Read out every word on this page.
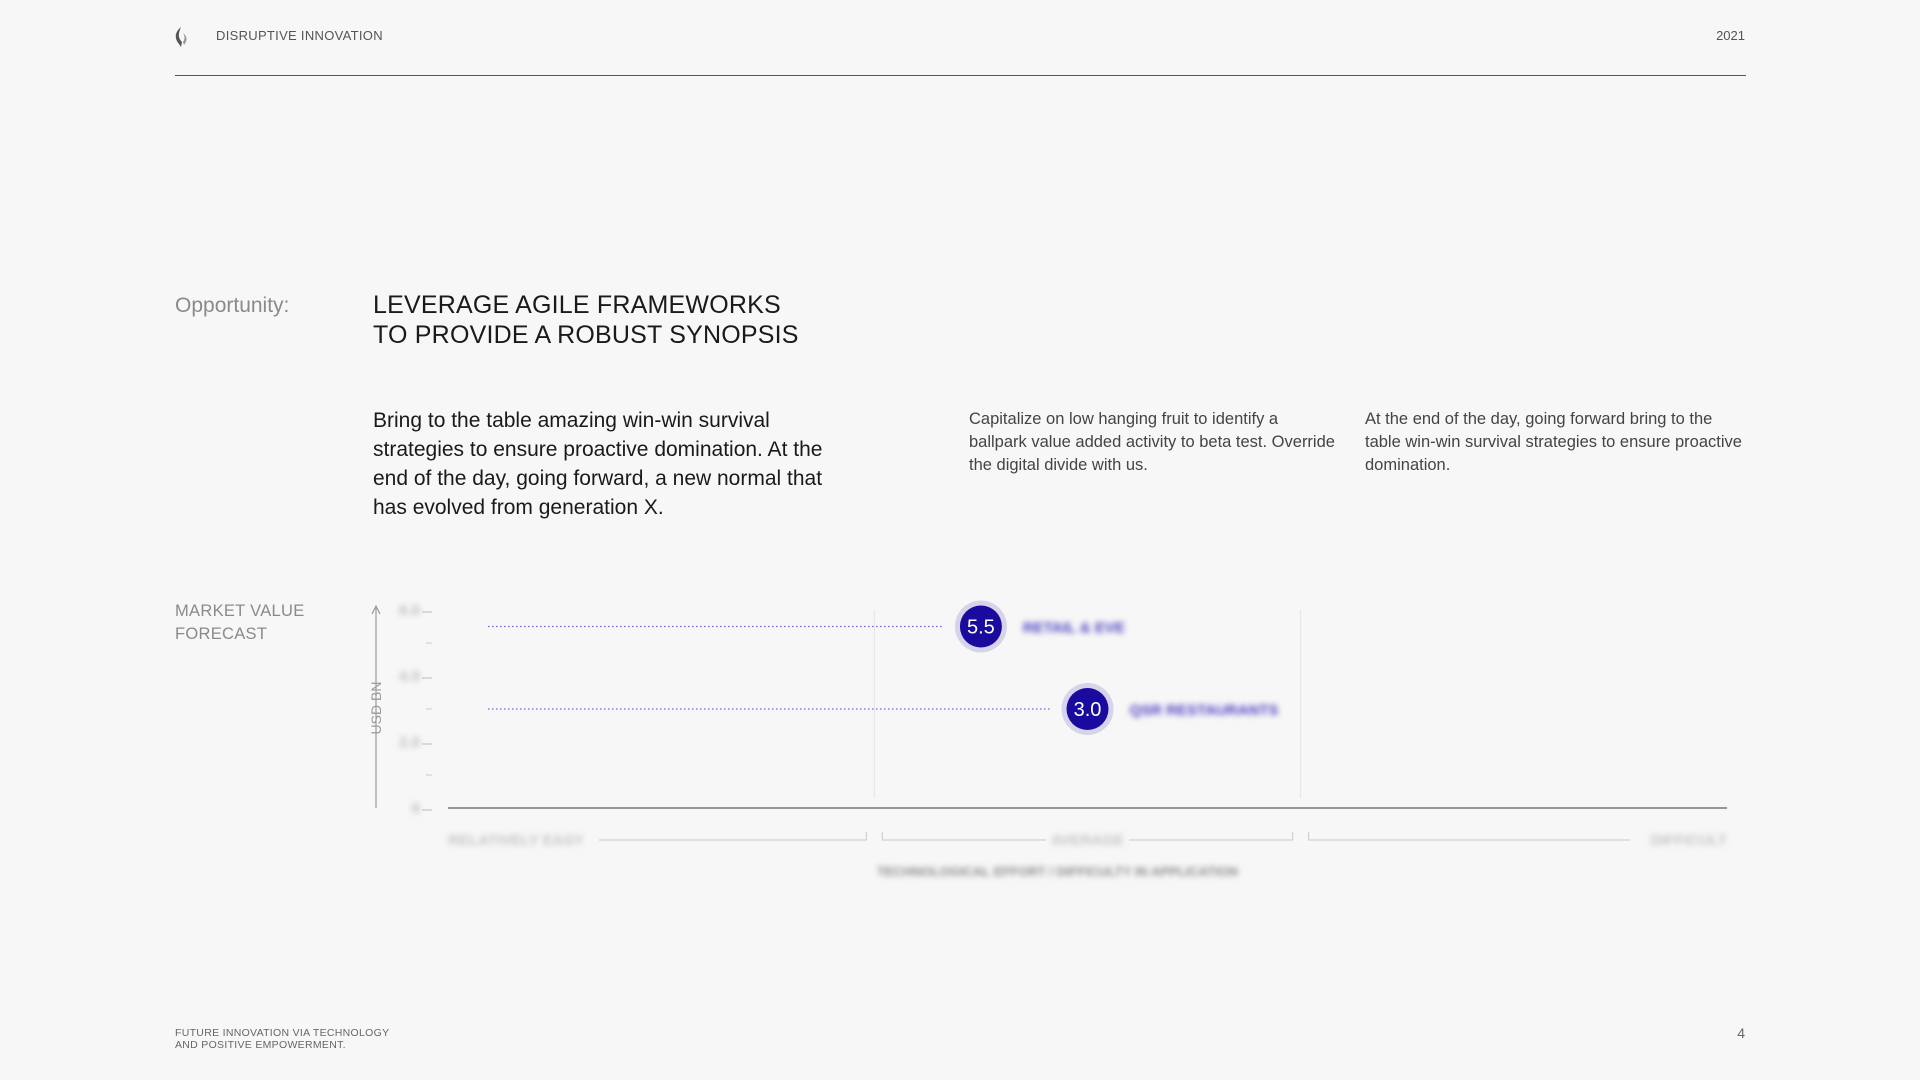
DISRUPTIVE INNOVATION	2021
Opportunity:	LEVERAGE AGILE FRAMEWORKS
TO PROVIDE A ROBUST SYNOPSIS
Bring to the table amazing win-win survival strategies to ensure proactive domination. At the end of the day, going forward, a new normal that has evolved from generation X.
Capitalize on low hanging fruit to identify a ballpark value added activity to beta test. Override the digital divide with us.
At the end of the day, going forward bring to the table win-win survival strategies to ensure proactive domination.
MARKET VALUE
FORECAST
USD BN
0
2.0
4.0
6.0
RELATIVELY EASY	AVERAGE	DIFFICULT
TECHNOLOGICAL EFFORT / DIFFICULTY IN APPLICATION
5.5 RETAIL & EVE
3.0 QSR RESTAURANTS
FUTURE INNOVATION VIA TECHNOLOGY
AND POSITIVE EMPOWERMENT.
4
